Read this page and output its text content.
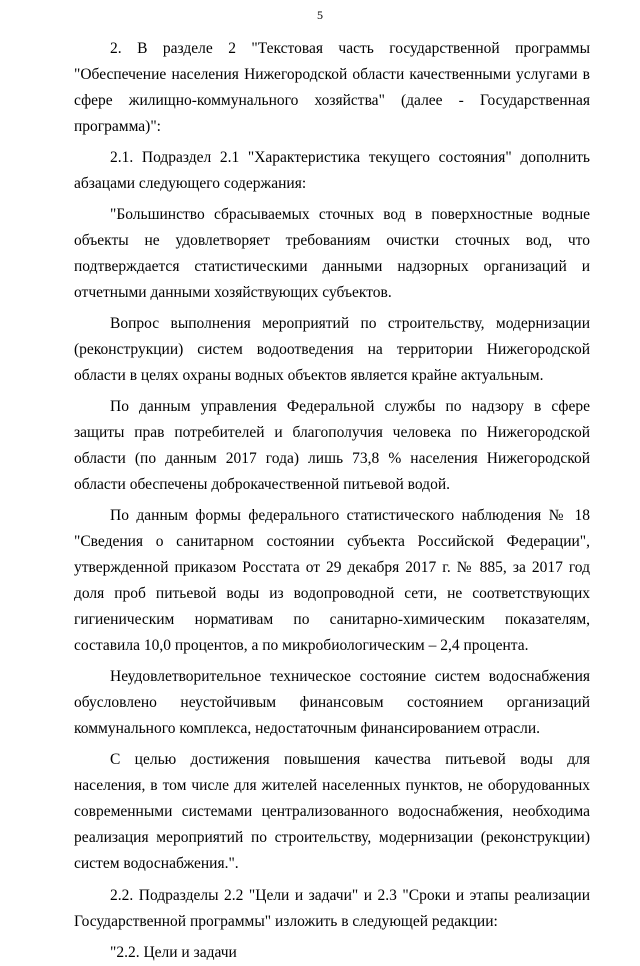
5

2. В разделе 2 "Текстовая часть государственной программы "Обеспечение населения Нижегородской области качественными услугами в сфере жилищно-коммунального хозяйства" (далее - Государственная программа)":

2.1. Подраздел 2.1 "Характеристика текущего состояния" дополнить абзацами следующего содержания:

"Большинство сбрасываемых сточных вод в поверхностные водные объекты не удовлетворяет требованиям очистки сточных вод, что подтверждается статистическими данными надзорных организаций и отчетными данными хозяйствующих субъектов.

Вопрос выполнения мероприятий по строительству, модернизации (реконструкции) систем водоотведения на территории Нижегородской области в целях охраны водных объектов является крайне актуальным.

По данным управления Федеральной службы по надзору в сфере защиты прав потребителей и благополучия человека по Нижегородской области (по данным 2017 года) лишь 73,8 % населения Нижегородской области обеспечены доброкачественной питьевой водой.

По данным формы федерального статистического наблюдения № 18 "Сведения о санитарном состоянии субъекта Российской Федерации", утвержденной приказом Росстата от 29 декабря 2017 г. № 885, за 2017 год доля проб питьевой воды из водопроводной сети, не соответствующих гигиеническим нормативам по санитарно-химическим показателям, составила 10,0 процентов, а по микробиологическим – 2,4 процента.

Неудовлетворительное техническое состояние систем водоснабжения обусловлено неустойчивым финансовым состоянием организаций коммунального комплекса, недостаточным финансированием отрасли.

С целью достижения повышения качества питьевой воды для населения, в том числе для жителей населенных пунктов, не оборудованных современными системами централизованного водоснабжения, необходима реализация мероприятий по строительству, модернизации (реконструкции) систем водоснабжения.".

2.2. Подразделы 2.2 "Цели и задачи" и 2.3 "Сроки и этапы реализации Государственной программы" изложить в следующей редакции:

"2.2. Цели и задачи
